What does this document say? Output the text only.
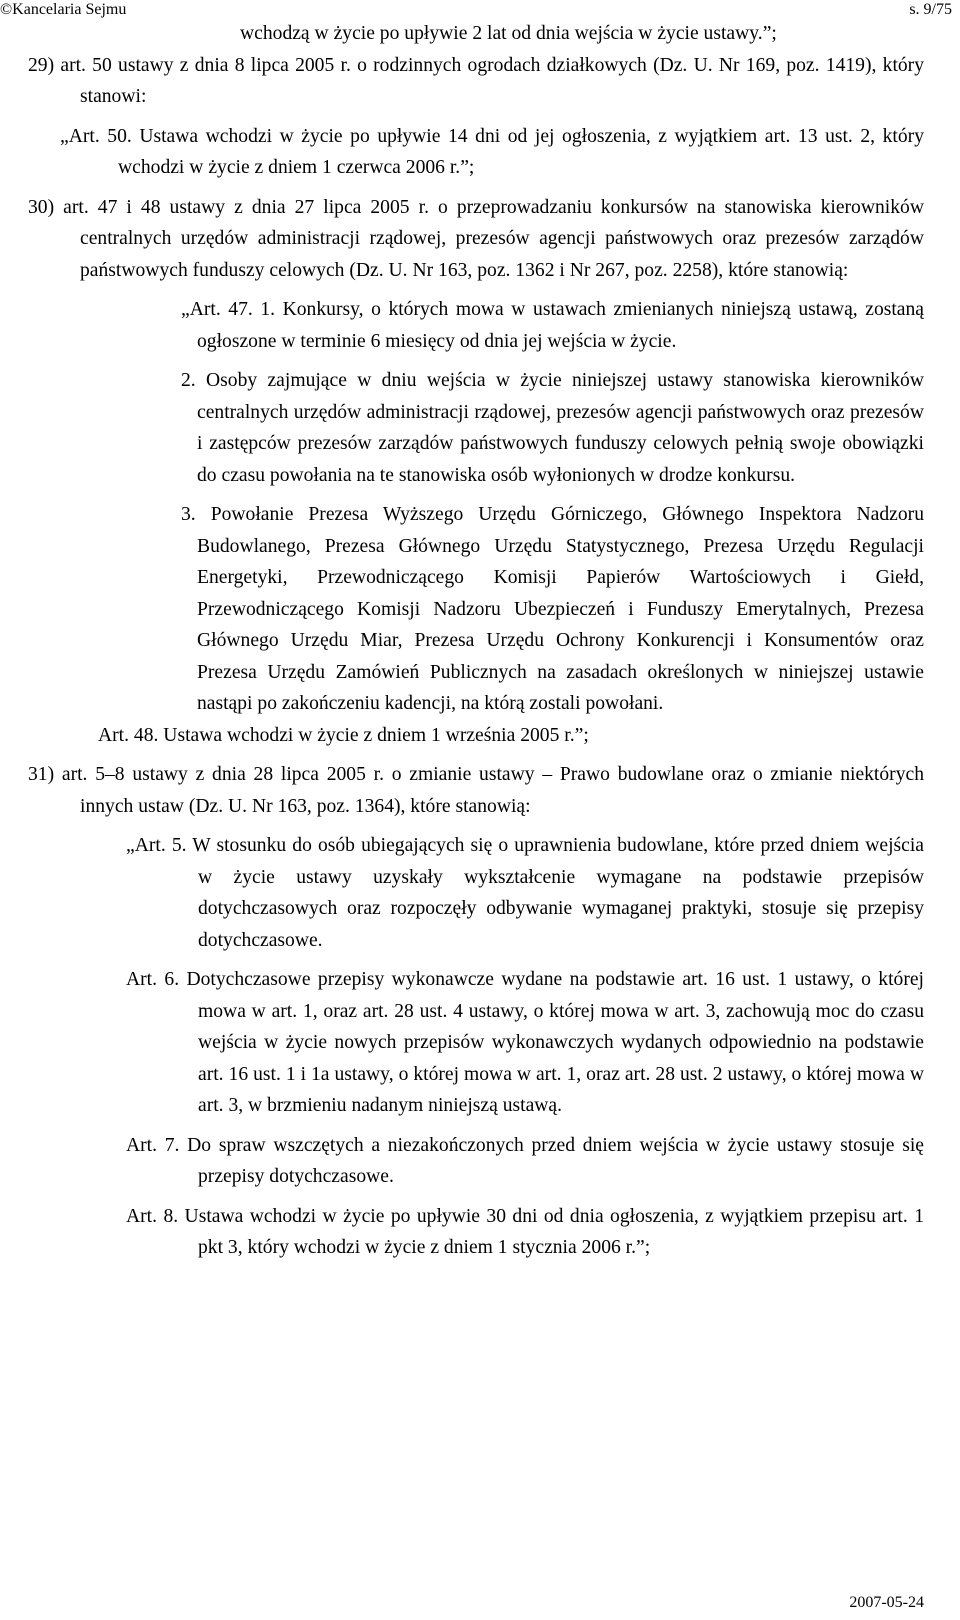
©Kancelaria Sejmu	s. 9/75

wchodzą w życie po upływie 2 lat od dnia wejścia w życie ustawy.”;

29) art. 50 ustawy z dnia 8 lipca 2005 r. o rodzinnych ogrodach działkowych (Dz. U. Nr 169, poz. 1419), który stanowi:

„Art. 50. Ustawa wchodzi w życie po upływie 14 dni od jej ogłoszenia, z wyjątkiem art. 13 ust. 2, który wchodzi w życie z dniem 1 czerwca 2006 r.”;

30) art. 47 i 48 ustawy z dnia 27 lipca 2005 r. o przeprowadzaniu konkursów na stanowiska kierowników centralnych urzędów administracji rządowej, prezesów agencji państwowych oraz prezesów zarządów państwowych funduszy celowych (Dz. U. Nr 163, poz. 1362 i Nr 267, poz. 2258), które stanowią:

„Art. 47. 1. Konkursy, o których mowa w ustawach zmienianych niniejszą ustawą, zostaną ogłoszone w terminie 6 miesięcy od dnia jej wejścia w życie.

2. Osoby zajmujące w dniu wejścia w życie niniejszej ustawy stanowiska kierowników centralnych urzędów administracji rządowej, prezesów agencji państwowych oraz prezesów i zastępców prezesów zarządów państwowych funduszy celowych pełnią swoje obowiązki do czasu powołania na te stanowiska osób wyłonionych w drodze konkursu.

3. Powołanie Prezesa Wyższego Urzędu Górniczego, Głównego Inspektora Nadzoru Budowlanego, Prezesa Głównego Urzędu Statystycznego, Prezesa Urzędu Regulacji Energetyki, Przewodniczącego Komisji Papierów Wartościowych i Giełd, Przewodniczącego Komisji Nadzoru Ubezpieczeń i Funduszy Emerytalnych, Prezesa Głównego Urzędu Miar, Prezesa Urzędu Ochrony Konkurencji i Konsumentów oraz Prezesa Urzędu Zamówień Publicznych na zasadach określonych w niniejszej ustawie nastąpi po zakończeniu kadencji, na którą zostali powołani.

Art. 48. Ustawa wchodzi w życie z dniem 1 września 2005 r.”;

31) art. 5–8 ustawy z dnia 28 lipca 2005 r. o zmianie ustawy – Prawo budowlane oraz o zmianie niektórych innych ustaw (Dz. U. Nr 163, poz. 1364), które stanowią:

„Art. 5. W stosunku do osób ubiegających się o uprawnienia budowlane, które przed dniem wejścia w życie ustawy uzyskały wykształcenie wymagane na podstawie przepisów dotychczasowych oraz rozpoczęły odbywanie wymaganej praktyki, stosuje się przepisy dotychczasowe.

Art. 6. Dotychczasowe przepisy wykonawcze wydane na podstawie art. 16 ust. 1 ustawy, o której mowa w art. 1, oraz art. 28 ust. 4 ustawy, o której mowa w art. 3, zachowują moc do czasu wejścia w życie nowych przepisów wykonawczych wydanych odpowiednio na podstawie art. 16 ust. 1 i 1a ustawy, o której mowa w art. 1, oraz art. 28 ust. 2 ustawy, o której mowa w art. 3, w brzmieniu nadanym niniejszą ustawą.

Art. 7. Do spraw wszczętych a niezakończonych przed dniem wejścia w życie ustawy stosuje się przepisy dotychczasowe.

Art. 8. Ustawa wchodzi w życie po upływie 30 dni od dnia ogłoszenia, z wyjątkiem przepisu art. 1 pkt 3, który wchodzi w życie z dniem 1 stycznia 2006 r.”;

2007-05-24
